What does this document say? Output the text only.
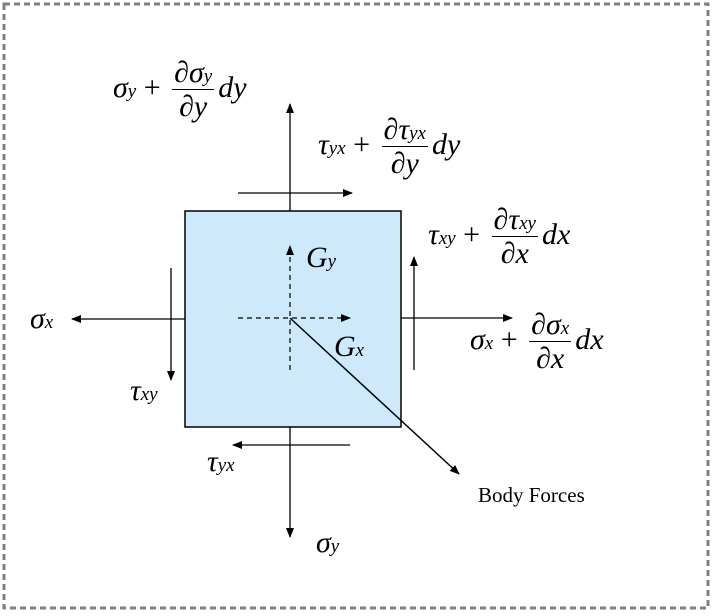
$\sigma y + \frac{\partial\sigma y}{\partial y}$ dy
$\tau yx + \frac{\text{∂τyx}}{\partial y}$ dy
$\tau xy + \frac{\text{∂τxy}}{\partial x}$ dx
$\sigma x + \frac{\partial\sigma x}{\partial x}$ dx
σx
τxy
τyx
σy
Gy
Gx
Body Forces
